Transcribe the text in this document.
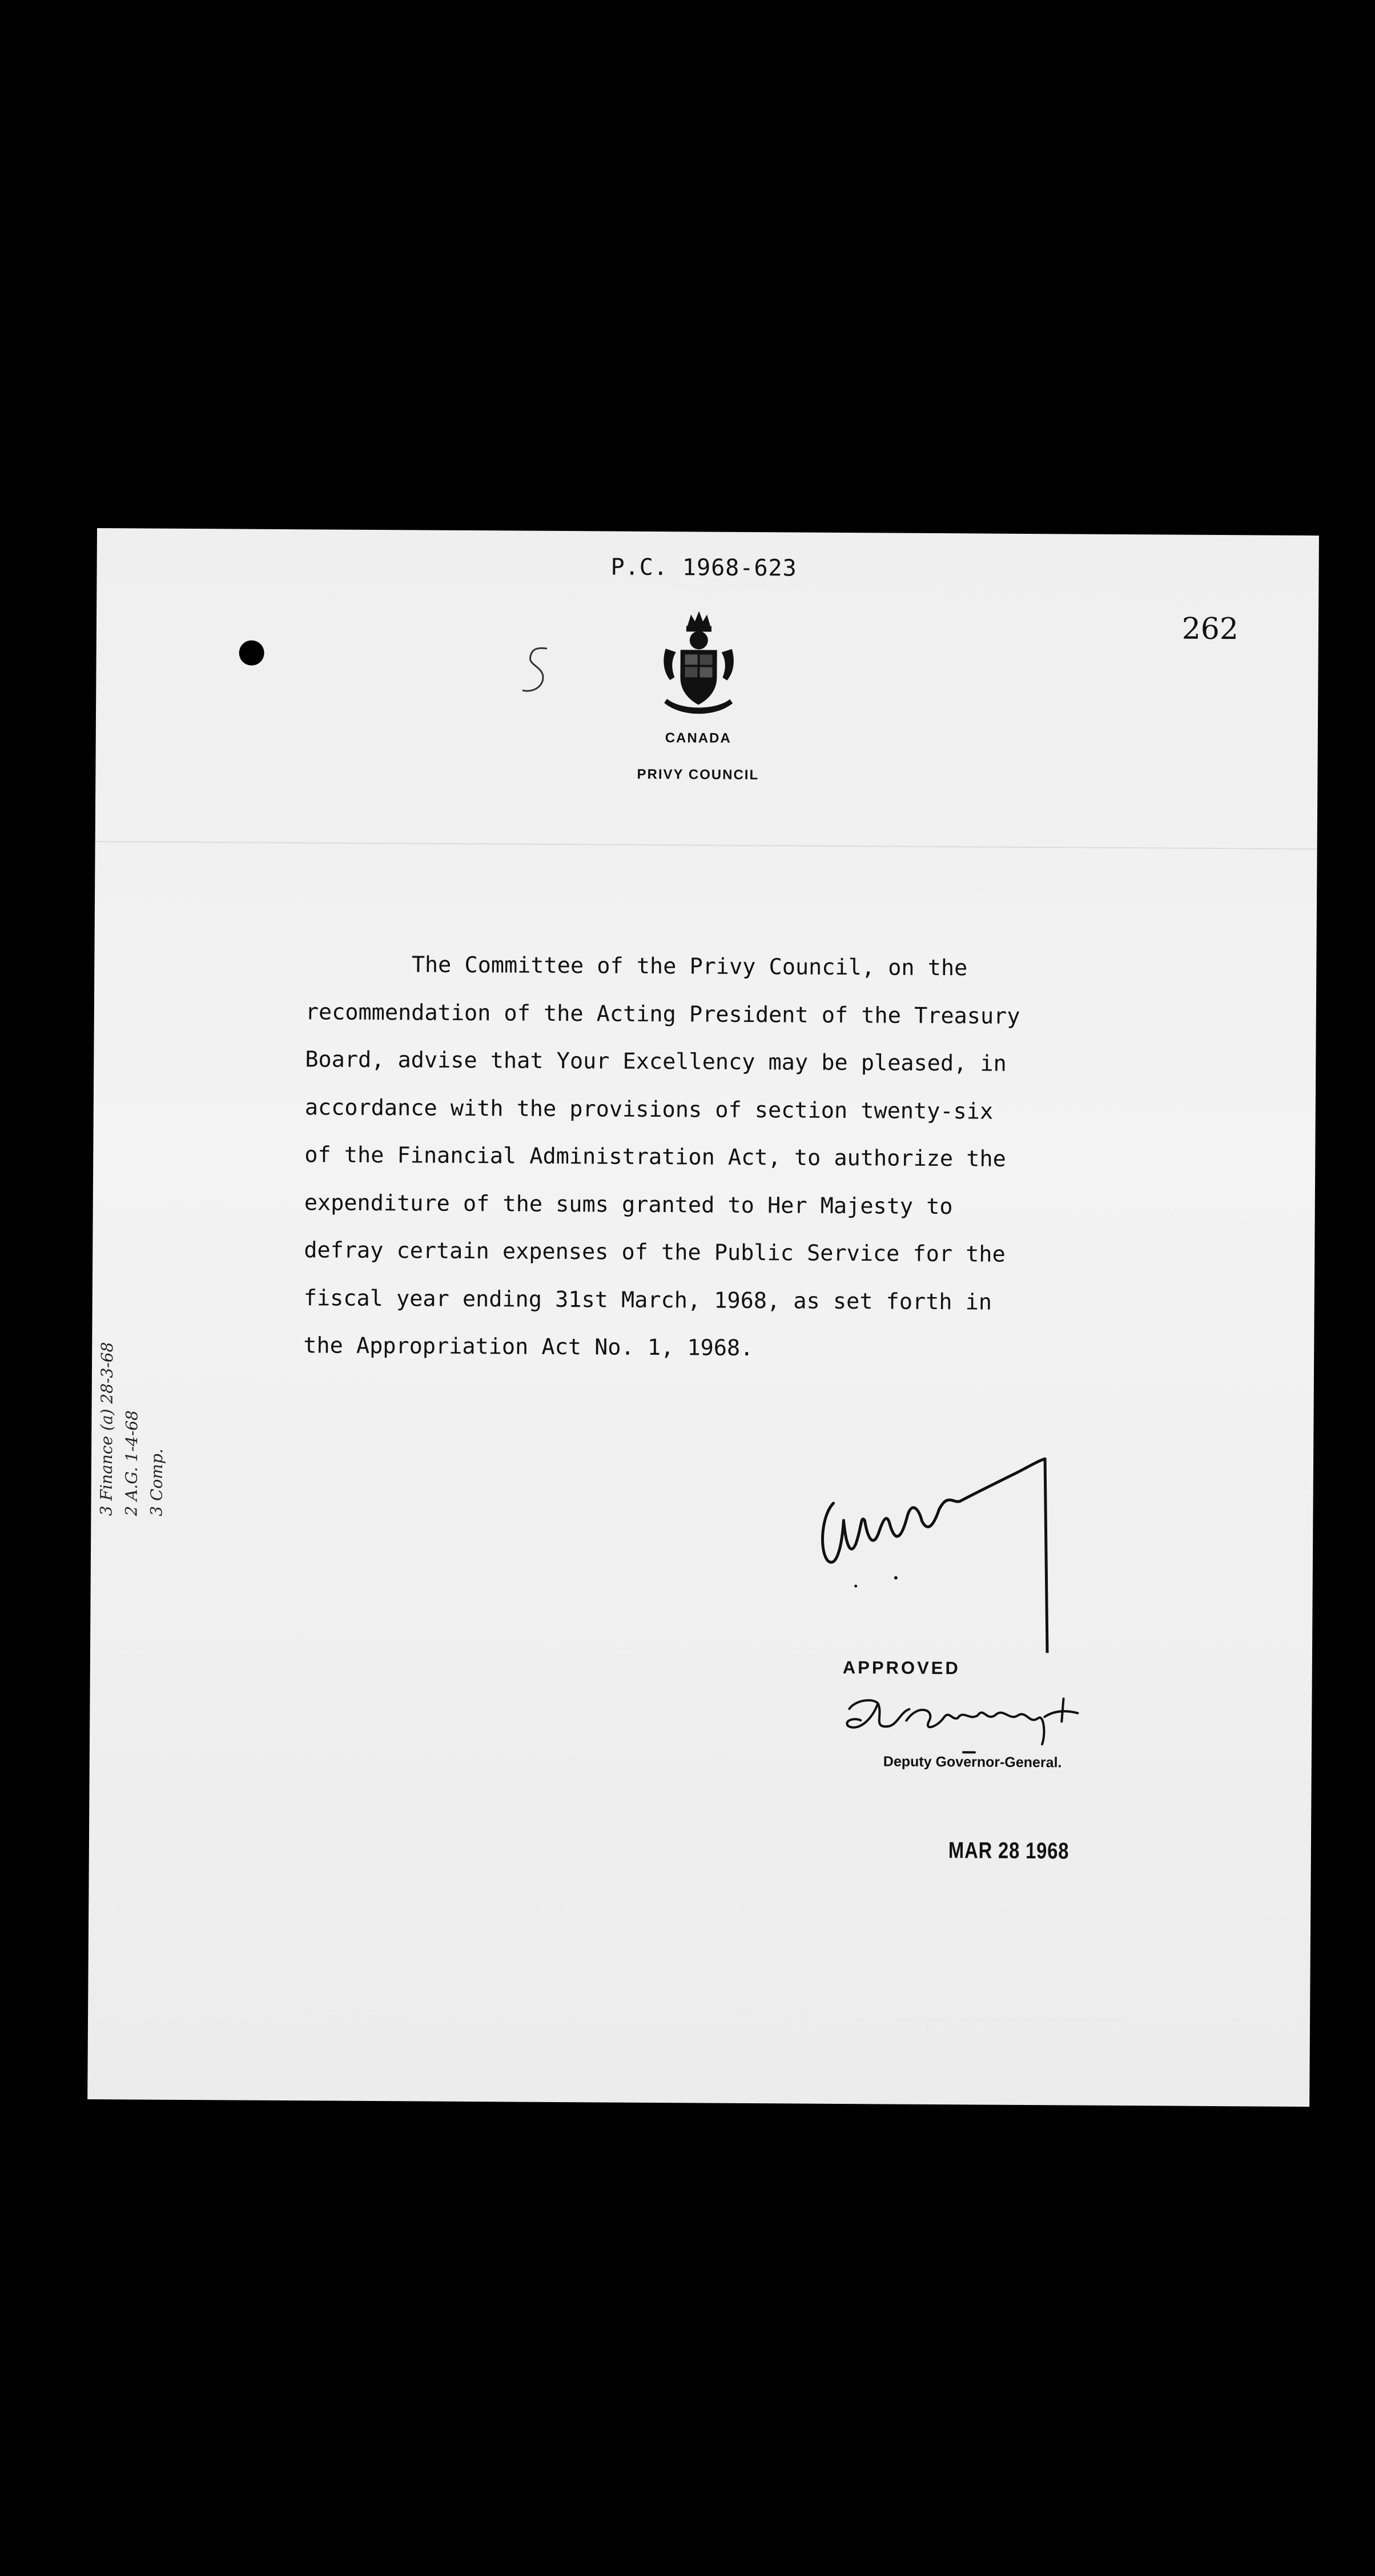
P.C. 1968-623
262
CANADA
PRIVY COUNCIL

The Committee of the Privy Council, on the
recommendation of the Acting President of the Treasury
Board, advise that Your Excellency may be pleased, in
accordance with the provisions of section twenty-six
of the Financial Administration Act, to authorize the
expenditure of the sums granted to Her Majesty to
defray certain expenses of the Public Service for the
fiscal year ending 31st March, 1968, as set forth in
the Appropriation Act No. 1, 1968.

3 Finance (a) 28-3-68 2 A.G. 1-4-68 3 Comp.
APPROVED
Deputy Governor-General.
MAR 28 1968
